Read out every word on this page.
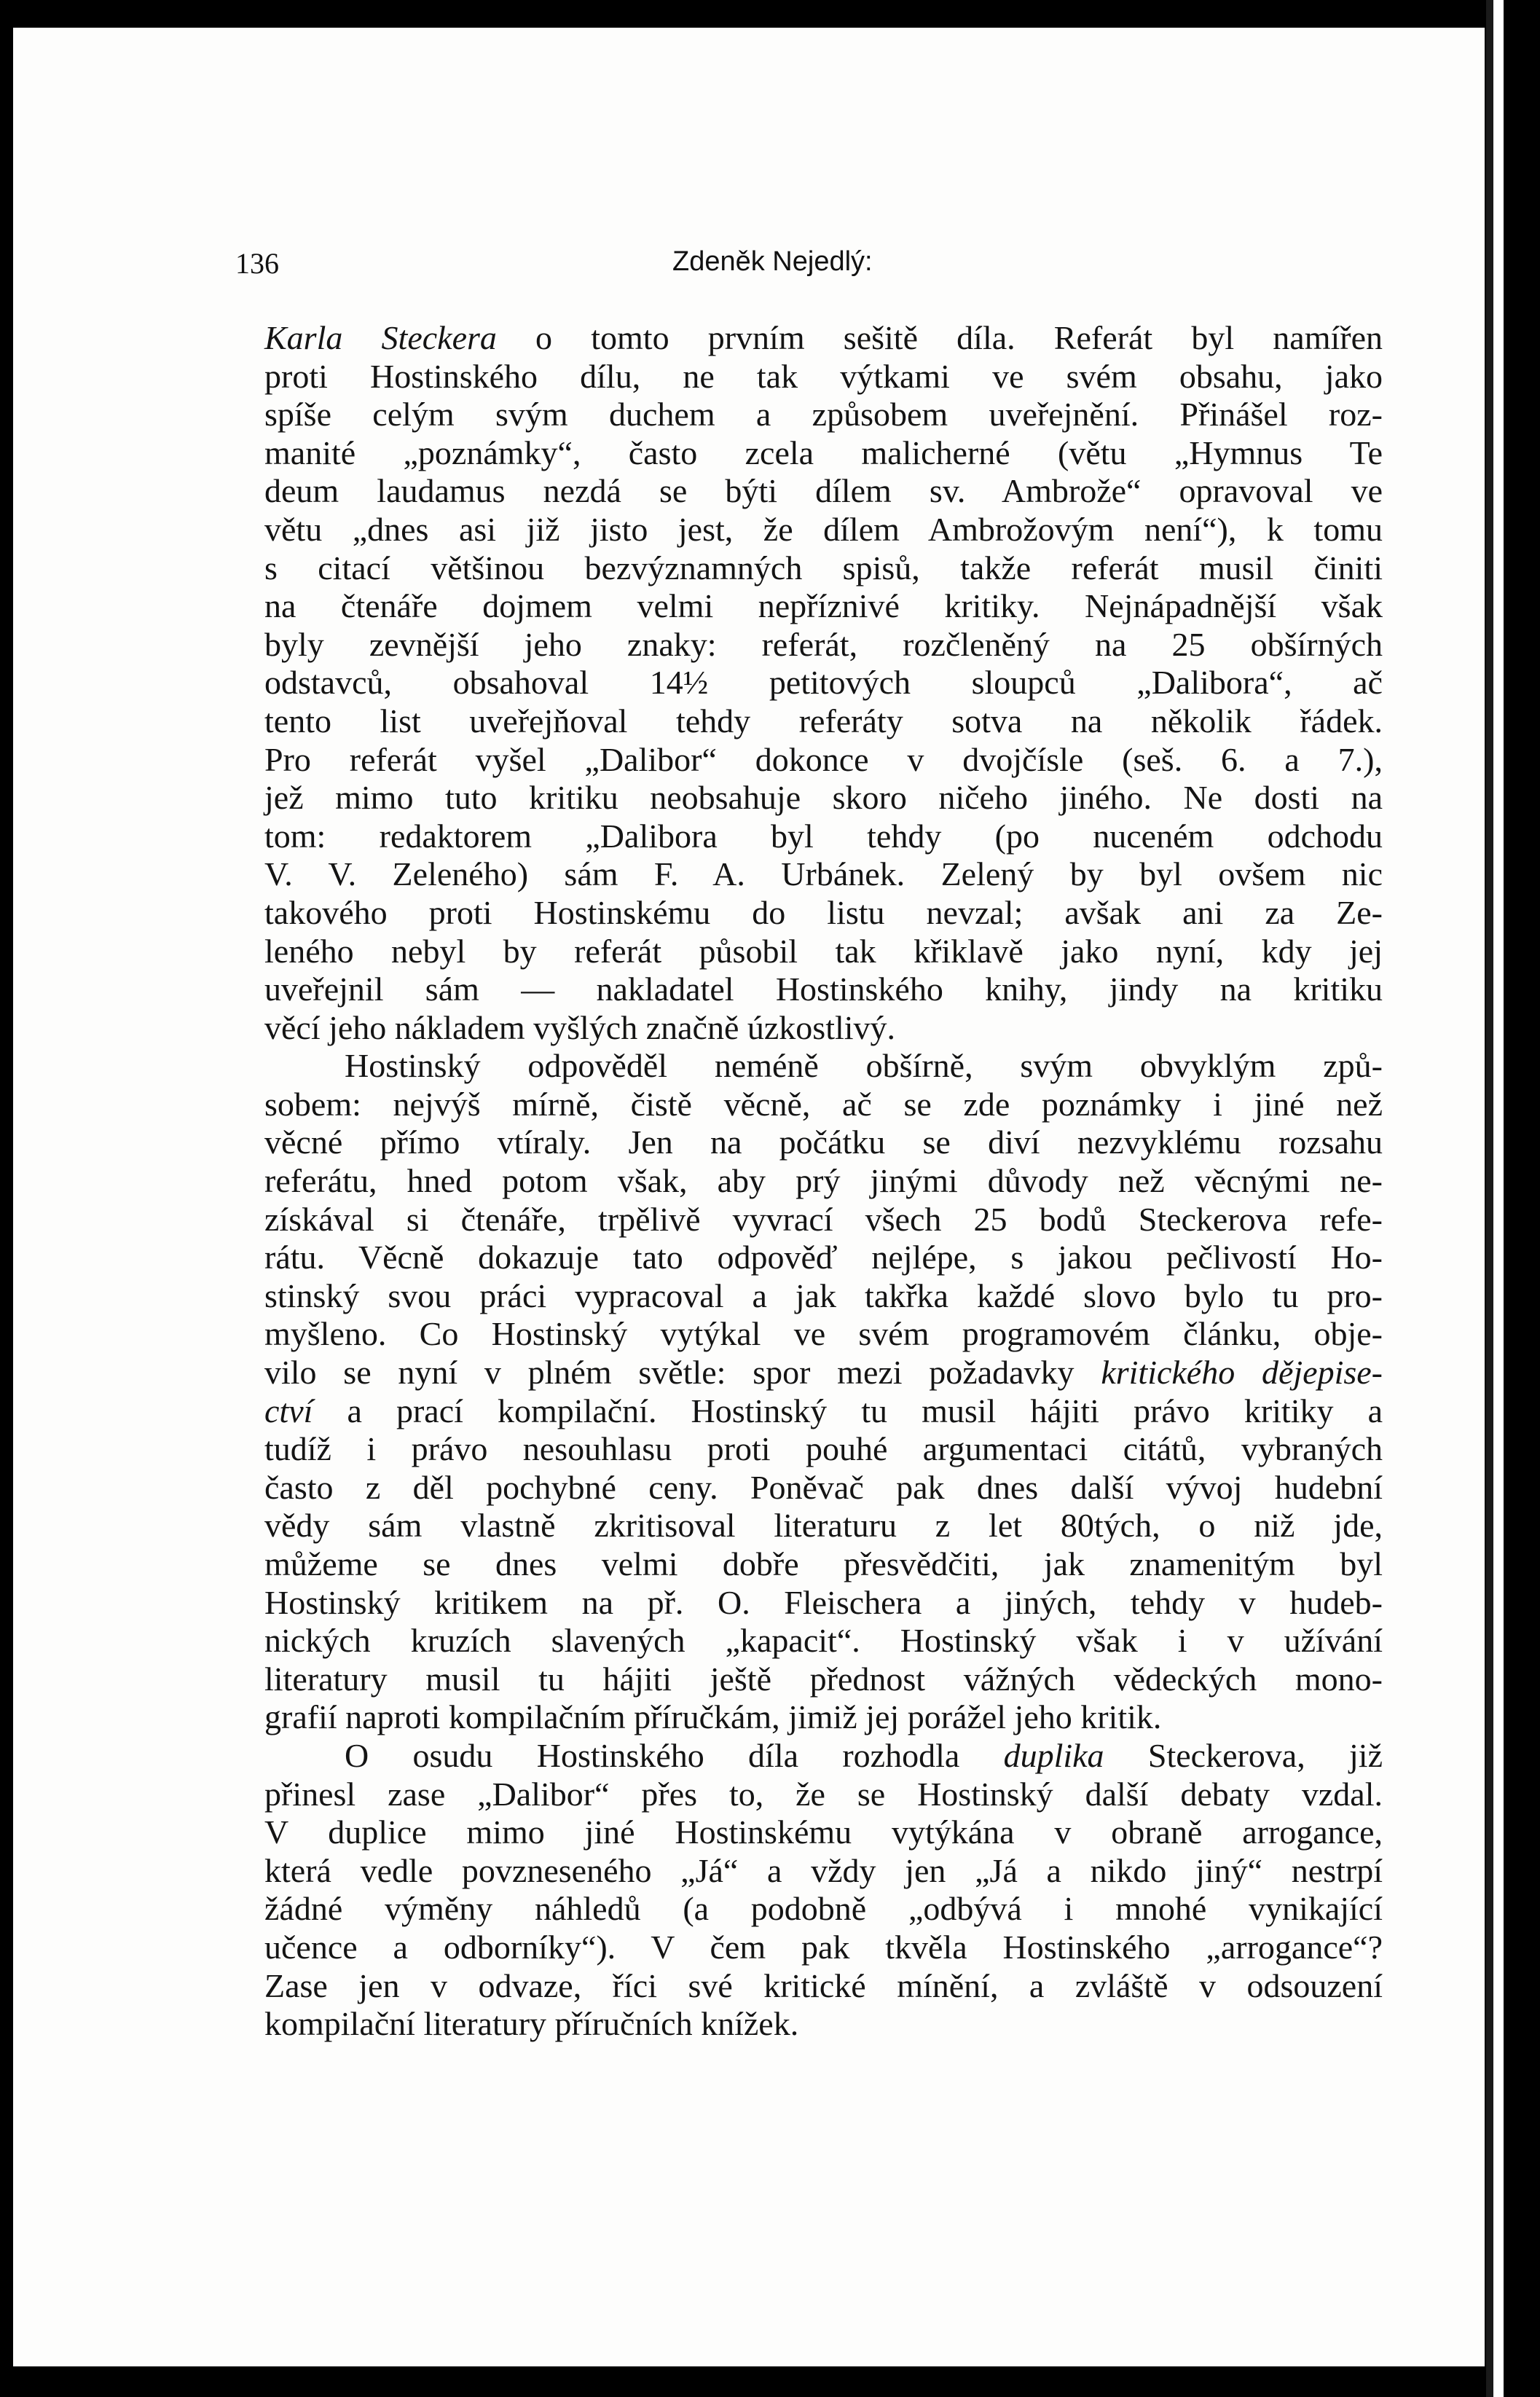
136	Zdeněk Nejedlý:
Karla Steckera o tomto prvním sešitě díla. Referát byl namířen
proti Hostinského dílu, ne tak výtkami ve svém obsahu, jako
spíše celým svým duchem a způsobem uveřejnění. Přinášel roz-
manité „poznámky“, často zcela malicherné (větu „Hymnus Te
deum laudamus nezdá se býti dílem sv. Ambrože“ opravoval ve
větu „dnes asi již jisto jest, že dílem Ambrožovým není“), k tomu
s citací většinou bezvýznamných spisů, takže referát musil činiti
na čtenáře dojmem velmi nepříznivé kritiky. Nejnápadnější však
byly zevnější jeho znaky: referát, rozčleněný na 25 obšírných
odstavců, obsahoval 14½ petitových sloupců „Dalibora“, ač
tento list uveřejňoval tehdy referáty sotva na několik řádek.
Pro referát vyšel „Dalibor“ dokonce v dvojčísle (seš. 6. a 7.),
jež mimo tuto kritiku neobsahuje skoro ničeho jiného. Ne dosti na
tom: redaktorem „Dalibora byl tehdy (po nuceném odchodu
V. V. Zeleného) sám F. A. Urbánek. Zelený by byl ovšem nic
takového proti Hostinskému do listu nevzal; avšak ani za Ze-
leného nebyl by referát působil tak křiklavě jako nyní, kdy jej
uveřejnil sám — nakladatel Hostinského knihy, jindy na kritiku
věcí jeho nákladem vyšlých značně úzkostlivý.
Hostinský odpověděl neméně obšírně, svým obvyklým způ-
sobem: nejvýš mírně, čistě věcně, ač se zde poznámky i jiné než
věcné přímo vtíraly. Jen na počátku se diví nezvyklému rozsahu
referátu, hned potom však, aby prý jinými důvody než věcnými ne-
získával si čtenáře, trpělivě vyvrací všech 25 bodů Steckerova refe-
rátu. Věcně dokazuje tato odpověď nejlépe, s jakou pečlivostí Ho-
stinský svou práci vypracoval a jak takřka každé slovo bylo tu pro-
myšleno. Co Hostinský vytýkal ve svém programovém článku, obje-
vilo se nyní v plném světle: spor mezi požadavky kritického dějepise-
ctví a prací kompilační. Hostinský tu musil hájiti právo kritiky a
tudíž i právo nesouhlasu proti pouhé argumentaci citátů, vybraných
často z děl pochybné ceny. Poněvač pak dnes další vývoj hudební
vědy sám vlastně zkritisoval literaturu z let 80tých, o niž jde,
můžeme se dnes velmi dobře přesvědčiti, jak znamenitým byl
Hostinský kritikem na př. O. Fleischera a jiných, tehdy v hudeb-
nických kruzích slavených „kapacit“. Hostinský však i v užívání
literatury musil tu hájiti ještě přednost vážných vědeckých mono-
grafií naproti kompilačním příručkám, jimiž jej porážel jeho kritik.
O osudu Hostinského díla rozhodla duplika Steckerova, již
přinesl zase „Dalibor“ přes to, že se Hostinský další debaty vzdal.
V duplice mimo jiné Hostinskému vytýkána v obraně arrogance,
která vedle povzneseného „Já“ a vždy jen „Já a nikdo jiný“ nestrpí
žádné výměny náhledů (a podobně „odbývá i mnohé vynikající
učence a odborníky“). V čem pak tkvěla Hostinského „arrogance“?
Zase jen v odvaze, říci své kritické mínění, a zvláště v odsouzení
kompilační literatury příručních knížek.
